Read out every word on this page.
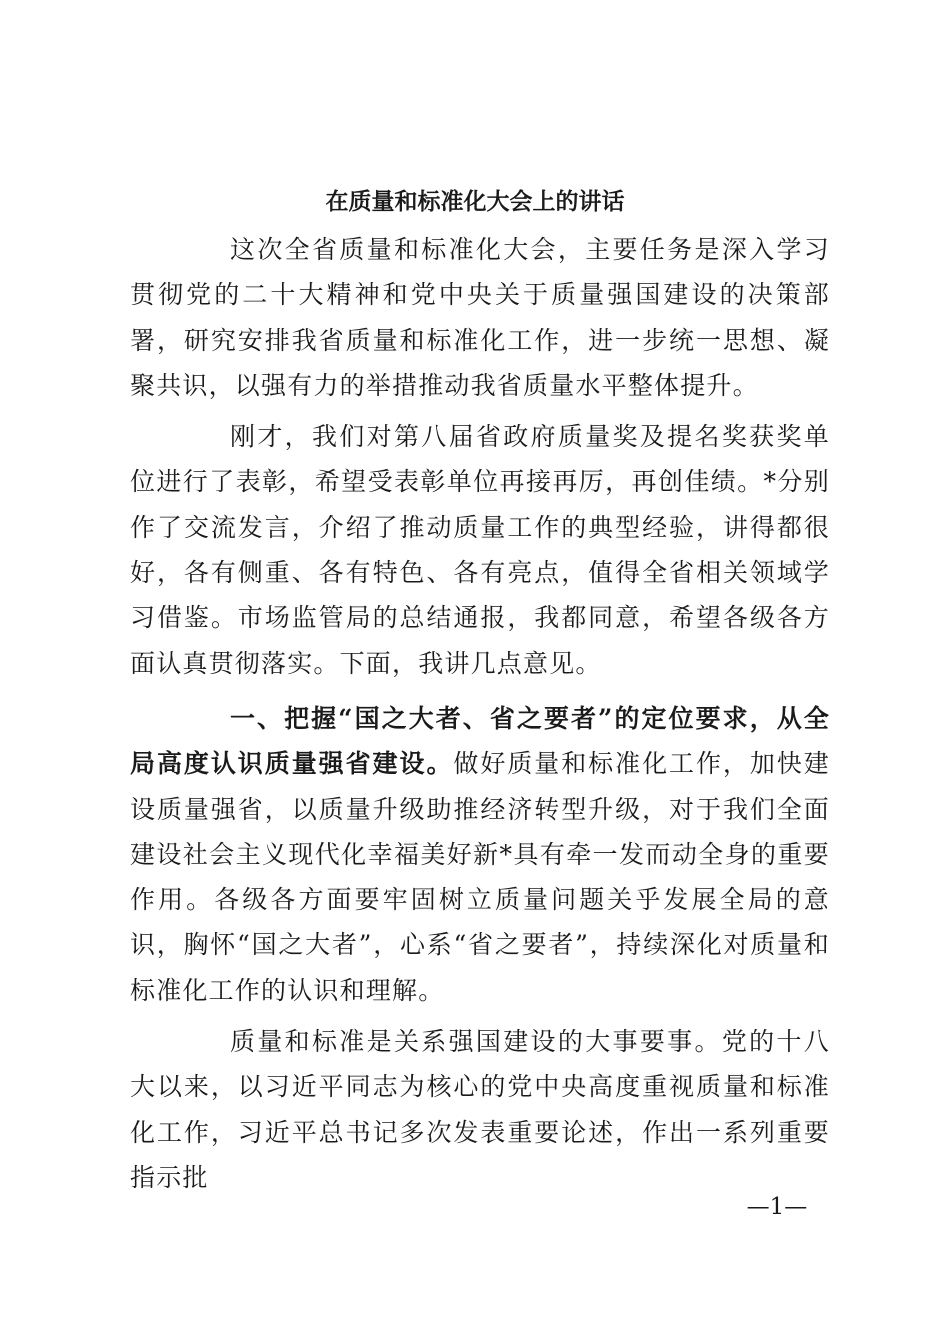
在质量和标准化大会上的讲话

这次全省质量和标准化大会，主要任务是深入学习贯彻党的二十大精神和党中央关于质量强国建设的决策部署，研究安排我省质量和标准化工作，进一步统一思想、凝聚共识，以强有力的举措推动我省质量水平整体提升。

刚才，我们对第八届省政府质量奖及提名奖获奖单位进行了表彰，希望受表彰单位再接再厉，再创佳绩。*分别作了交流发言，介绍了推动质量工作的典型经验，讲得都很好，各有侧重、各有特色、各有亮点，值得全省相关领域学习借鉴。市场监管局的总结通报，我都同意，希望各级各方面认真贯彻落实。下面，我讲几点意见。

一、把握“国之大者、省之要者”的定位要求，从全局高度认识质量强省建设。做好质量和标准化工作，加快建设质量强省，以质量升级助推经济转型升级，对于我们全面建设社会主义现代化幸福美好新*具有牵一发而动全身的重要作用。各级各方面要牢固树立质量问题关乎发展全局的意识，胸怀“国之大者”，心系“省之要者”，持续深化对质量和标准化工作的认识和理解。

质量和标准是关系强国建设的大事要事。党的十八大以来，以习近平同志为核心的党中央高度重视质量和标准化工作，习近平总书记多次发表重要论述，作出一系列重要指示批

—1—
